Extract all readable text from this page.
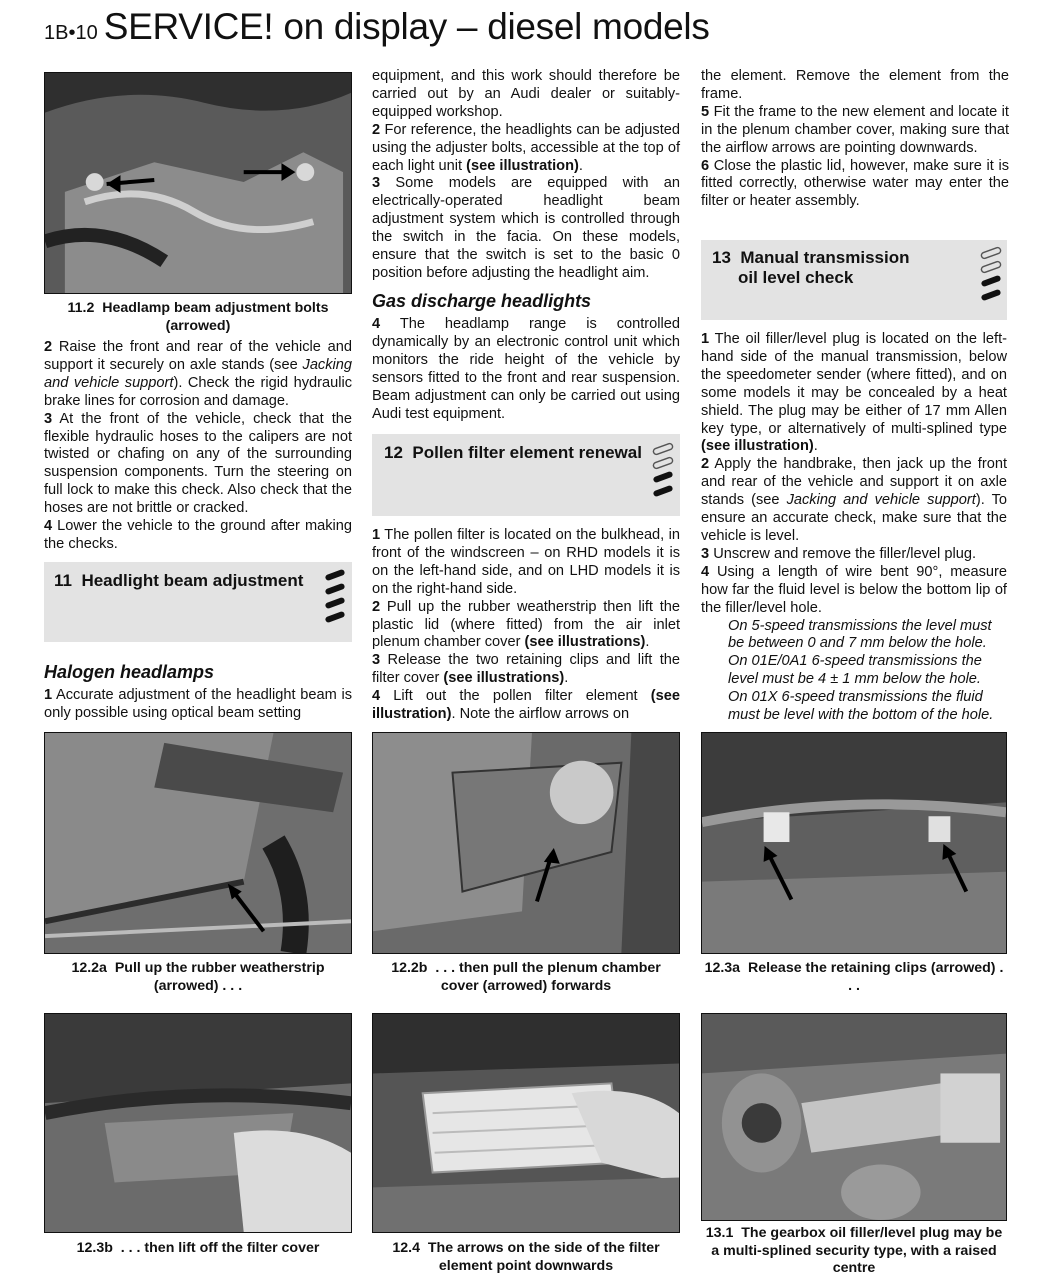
1B•10 SERVICE! on display – diesel models
11.2 Headlamp beam adjustment bolts (arrowed)

2 Raise the front and rear of the vehicle and support it securely on axle stands (see Jacking and vehicle support). Check the rigid hydraulic brake lines for corrosion and damage.

3 At the front of the vehicle, check that the flexible hydraulic hoses to the calipers are not twisted or chafing on any of the surrounding suspension components. Turn the steering on full lock to make this check. Also check that the hoses are not brittle or cracked.

4 Lower the vehicle to the ground after making the checks.

11 Headlight beam adjustment
Halogen headlamps

1 Accurate adjustment of the headlight beam is only possible using optical beam setting

equipment, and this work should therefore be carried out by an Audi dealer or suitably-equipped workshop.

2 For reference, the headlights can be adjusted using the adjuster bolts, accessible at the top of each light unit (see illustration).

3 Some models are equipped with an electrically-operated headlight beam adjustment system which is controlled through the switch in the facia. On these models, ensure that the switch is set to the basic 0 position before adjusting the headlight aim.

Gas discharge headlights

4 The headlamp range is controlled dynamically by an electronic control unit which monitors the ride height of the vehicle by sensors fitted to the front and rear suspension. Beam adjustment can only be carried out using Audi test equipment.

12 Pollen filter element renewal

1 The pollen filter is located on the bulkhead, in front of the windscreen – on RHD models it is on the left-hand side, and on LHD models it is on the right-hand side.

2 Pull up the rubber weatherstrip then lift the plastic lid (where fitted) from the air inlet plenum chamber cover (see illustrations).

3 Release the two retaining clips and lift the filter cover (see illustrations).

4 Lift out the pollen filter element (see illustration). Note the airflow arrows on

the element. Remove the element from the frame.

5 Fit the frame to the new element and locate it in the plenum chamber cover, making sure that the airflow arrows are pointing downwards.

6 Close the plastic lid, however, make sure it is fitted correctly, otherwise water may enter the filter or heater assembly.

13 Manual transmission
oil level check

1 The oil filler/level plug is located on the left-hand side of the manual transmission, below the speedometer sender (where fitted), and on some models it may be concealed by a heat shield. The plug may be either of 17 mm Allen key type, or alternatively of multi-splined type (see illustration).

2 Apply the handbrake, then jack up the front and rear of the vehicle and support it on axle stands (see Jacking and vehicle support). To ensure an accurate check, make sure that the vehicle is level.

3 Unscrew and remove the filler/level plug.

4 Using a length of wire bent 90°, measure how far the fluid level is below the bottom lip of the filler/level hole.

On 5-speed transmissions the level must be between 0 and 7 mm below the hole.

On 01E/0A1 6-speed transmissions the level must be 4 ± 1 mm below the hole.

On 01X 6-speed transmissions the fluid must be level with the bottom of the hole.

12.2a Pull up the rubber weatherstrip (arrowed) . . .
12.2b . . . then pull the plenum chamber cover (arrowed) forwards
12.3a Release the retaining clips (arrowed) . . .
12.3b . . . then lift off the filter cover	12.4 The arrows on the side of the filter element point downwards
13.1 The gearbox oil filler/level plug may be a multi-splined security type, with a raised centre
